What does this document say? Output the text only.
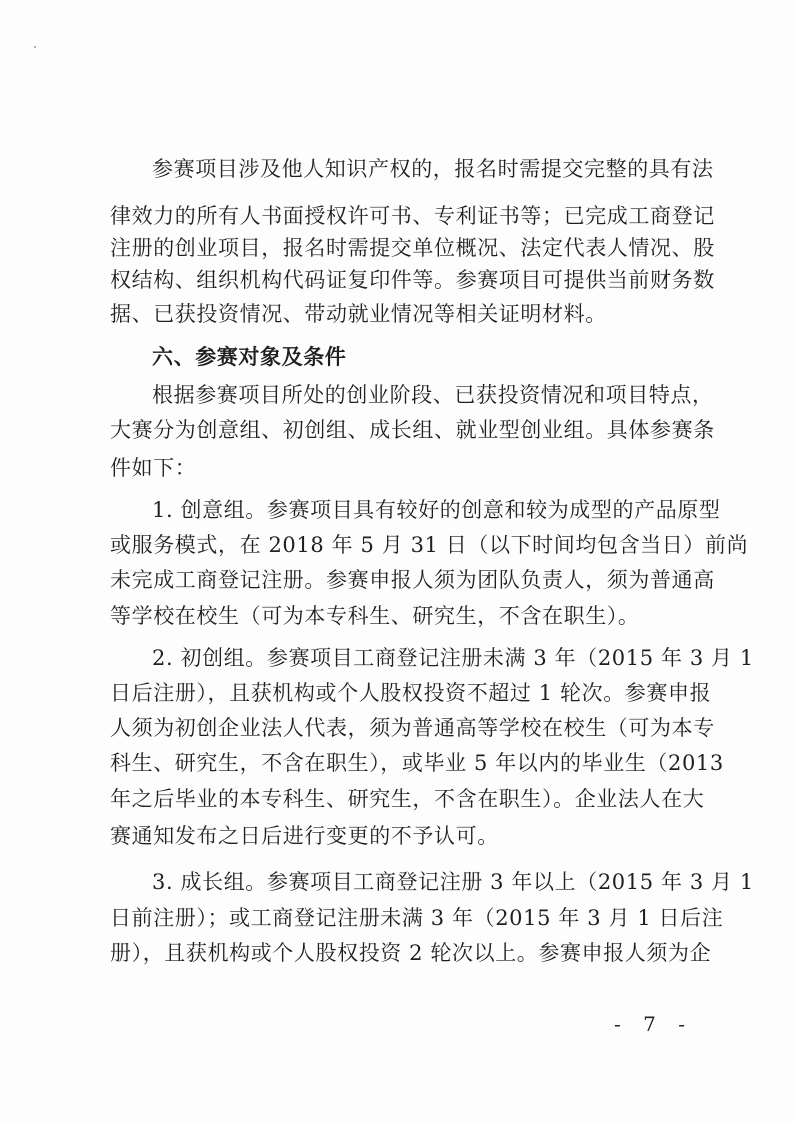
参赛项目涉及他人知识产权的，报名时需提交完整的具有法
律效力的所有人书面授权许可书、专利证书等；已完成工商登记
注册的创业项目，报名时需提交单位概况、法定代表人情况、股
权结构、组织机构代码证复印件等。参赛项目可提供当前财务数
据、已获投资情况、带动就业情况等相关证明材料。
六、参赛对象及条件
根据参赛项目所处的创业阶段、已获投资情况和项目特点，
大赛分为创意组、初创组、成长组、就业型创业组。具体参赛条
件如下：
1. 创意组。参赛项目具有较好的创意和较为成型的产品原型
或服务模式，在 2018 年 5 月 31 日（以下时间均包含当日）前尚
未完成工商登记注册。参赛申报人须为团队负责人，须为普通高
等学校在校生（可为本专科生、研究生，不含在职生）。
2. 初创组。参赛项目工商登记注册未满 3 年（2015 年 3 月 1
日后注册），且获机构或个人股权投资不超过 1 轮次。参赛申报
人须为初创企业法人代表，须为普通高等学校在校生（可为本专
科生、研究生，不含在职生），或毕业 5 年以内的毕业生（2013
年之后毕业的本专科生、研究生，不含在职生）。企业法人在大
赛通知发布之日后进行变更的不予认可。
3. 成长组。参赛项目工商登记注册 3 年以上（2015 年 3 月 1
日前注册）；或工商登记注册未满 3 年（2015 年 3 月 1 日后注
册），且获机构或个人股权投资 2 轮次以上。参赛申报人须为企
- 7 -
